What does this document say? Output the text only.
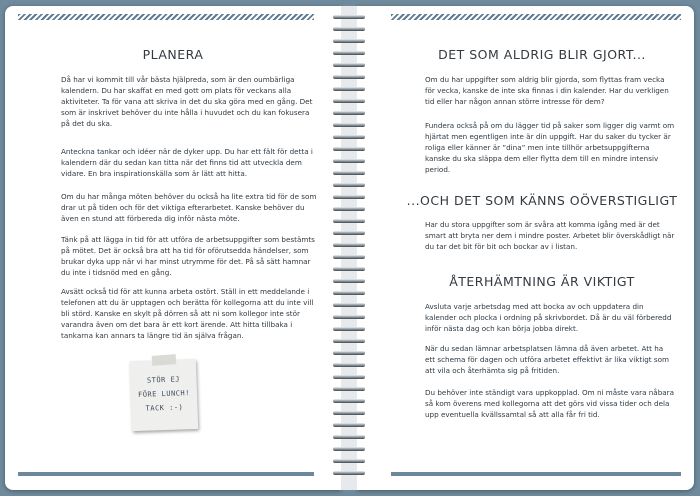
PLANERA

Då har vi kommit till vår bästa hjälpreda, som är den oumbärliga kalendern. Du har skaffat en med gott om plats för veckans alla aktiviteter. Ta för vana att skriva in det du ska göra med en gång. Det som är inskrivet behöver du inte hålla i huvudet och du kan fokusera på det du ska.

Anteckna tankar och idéer när de dyker upp. Du har ett fält för detta i kalendern där du sedan kan titta när det finns tid att utveckla dem vidare. En bra inspirationskälla som är lätt att hitta.

Om du har många möten behöver du också ha lite extra tid för de som drar ut på tiden och för det viktiga efterarbetet. Kanske behöver du även en stund att förbereda dig inför nästa möte.

Tänk på att lägga in tid för att utföra de arbetsuppgifter som bestämts på mötet. Det är också bra att ha tid för oförutsedda händelser, som brukar dyka upp när vi har minst utrymme för det. På så sätt hamnar du inte i tidsnöd med en gång.

Avsätt också tid för att kunna arbeta ostört. Ställ in ett meddelande i telefonen att du är upptagen och berätta för kollegorna att du inte vill bli störd. Kanske en skylt på dörren så att ni som kollegor inte stör varandra även om det bara är ett kort ärende. Att hitta tillbaka i tankarna kan annars ta längre tid än själva frågan.

STÖR EJ
FÖRE LUNCH!
TACK :-)
DET SOM ALDRIG BLIR GJORT...

Om du har uppgifter som aldrig blir gjorda, som flyttas fram vecka för vecka, kanske de inte ska finnas i din kalender. Har du verkligen tid eller har någon annan större intresse för dem?

Fundera också på om du lägger tid på saker som ligger dig varmt om hjärtat men egentligen inte är din uppgift. Har du saker du tycker är roliga eller känner är ”dina” men inte tillhör arbetsuppgifterna kanske du ska släppa dem eller flytta dem till en mindre intensiv period.

...OCH DET SOM KÄNNS OÖVERSTIGLIGT

Har du stora uppgifter som är svåra att komma igång med är det smart att bryta ner dem i mindre poster. Arbetet blir överskådligt när du tar det bit för bit och bockar av i listan.

ÅTERHÄMTNING ÄR VIKTIGT

Avsluta varje arbetsdag med att bocka av och uppdatera din kalender och plocka i ordning på skrivbordet. Då är du väl förberedd inför nästa dag och kan börja jobba direkt.

När du sedan lämnar arbetsplatsen lämna då även arbetet. Att ha ett schema för dagen och utföra arbetet effektivt är lika viktigt som att vila och återhämta sig på fritiden.

Du behöver inte ständigt vara uppkopplad. Om ni måste vara nåbara så kom överens med kollegorna att det görs vid vissa tider och dela upp eventuella kvällssamtal så att alla får fri tid.
